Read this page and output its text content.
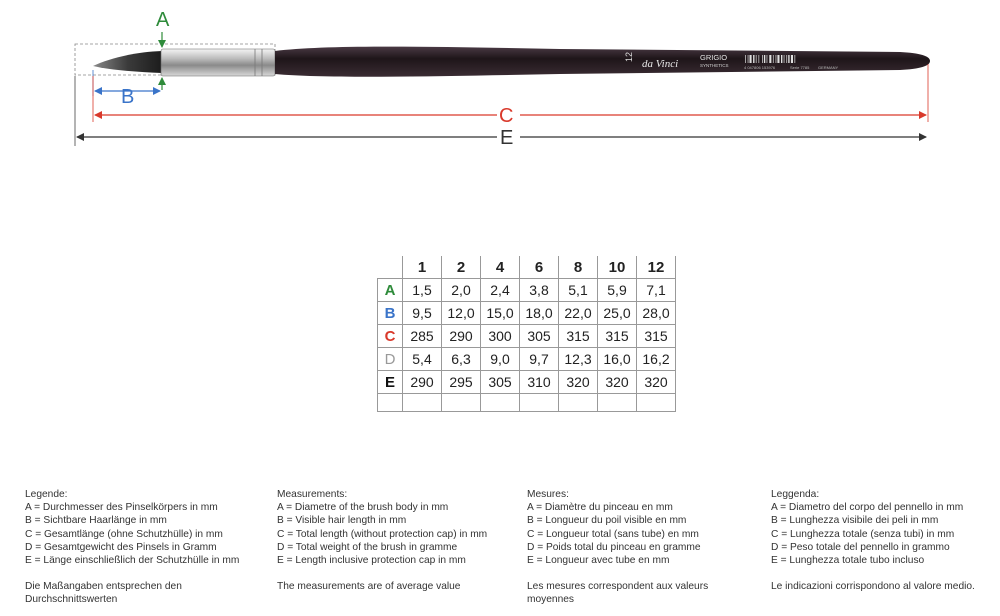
12
da Vinci
GRIGIO
SYNTHETICS	4 047806 153976	Serie 7785 GERMANY
A
B
C
E
	1	2	4	6	8	10	12
A	1,5	2,0	2,4	3,8	5,1	5,9	7,1
B	9,5	12,0	15,0	18,0	22,0	25,0	28,0
C	285	290	300	305	315	315	315
D	5,4	6,3	9,0	9,7	12,3	16,0	16,2
E	290	295	305	310	320	320	320

Legende:
A = Durchmesser des Pinselkörpers in mm
B = Sichtbare Haarlänge in mm
C = Gesamtlänge (ohne Schutzhülle) in mm
D = Gesamtgewicht des Pinsels in Gramm
E = Länge einschließlich der Schutzhülle in mm
Die Maßangaben entsprechen den
Durchschnittswerten
Measurements:
A = Diametre of the brush body in mm
B = Visible hair length in mm
C = Total length (without protection cap) in mm
D = Total weight of the brush in gramme
E = Length inclusive protection cap in mm
The measurements are of average value
Mesures:
A = Diamètre du pinceau en mm
B = Longueur du poil visible en mm
C = Longueur total (sans tube) en mm
D = Poids total du pinceau en gramme
E = Longueur avec tube en mm
Les mesures correspondent aux valeurs
moyennes
Leggenda:
A = Diametro del corpo del pennello in mm
B = Lunghezza visibile dei peli in mm
C = Lunghezza totale (senza tubi) in mm
D = Peso totale del pennello in grammo
E = Lunghezza totale tubo incluso
Le indicazioni corrispondono al valore medio.
